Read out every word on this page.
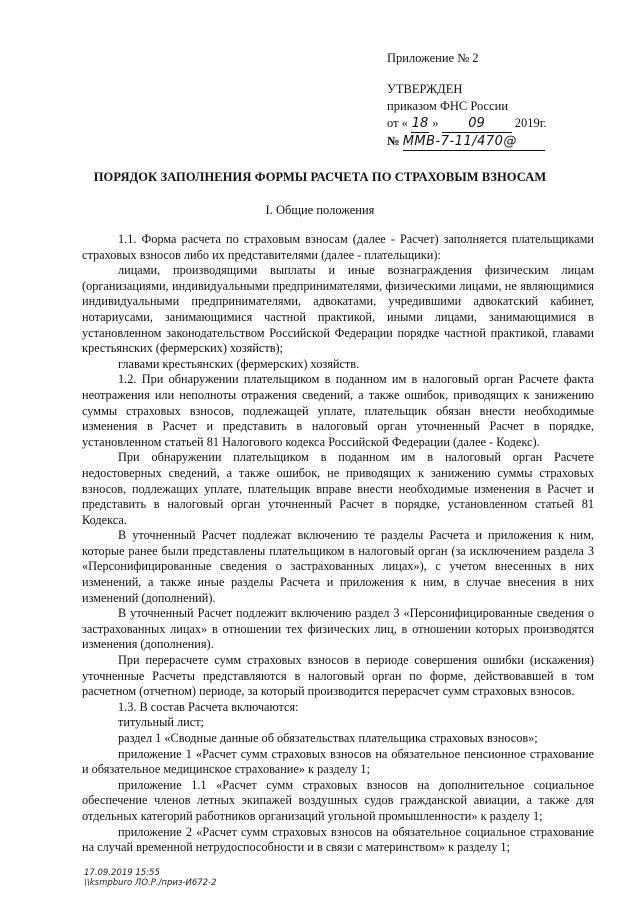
Приложение № 2
УТВЕРЖДЕН
приказом ФНС России
от « 18 » 09 2019г.
№ ММВ-7-11/470@
ПОРЯДОК ЗАПОЛНЕНИЯ ФОРМЫ РАСЧЕТА ПО СТРАХОВЫМ ВЗНОСАМ
I. Общие положения

1.1. Форма расчета по страховым взносам (далее - Расчет) заполняется плательщиками страховых взносов либо их представителями (далее - плательщики):

лицами, производящими выплаты и иные вознаграждения физическим лицам (организациями, индивидуальными предпринимателями, физическими лицами, не являющимися индивидуальными предпринимателями, адвокатами, учредившими адвокатский кабинет, нотариусами, занимающимися частной практикой, иными лицами, занимающимися в установленном законодательством Российской Федерации порядке частной практикой, главами крестьянских (фермерских) хозяйств);

главами крестьянских (фермерских) хозяйств.

1.2. При обнаружении плательщиком в поданном им в налоговый орган Расчете факта неотражения или неполноты отражения сведений, а также ошибок, приводящих к занижению суммы страховых взносов, подлежащей уплате, плательщик обязан внести необходимые изменения в Расчет и представить в налоговый орган уточненный Расчет в порядке, установленном статьей 81 Налогового кодекса Российской Федерации (далее - Кодекс).

При обнаружении плательщиком в поданном им в налоговый орган Расчете недостоверных сведений, а также ошибок, не приводящих к занижению суммы страховых взносов, подлежащих уплате, плательщик вправе внести необходимые изменения в Расчет и представить в налоговый орган уточненный Расчет в порядке, установленном статьей 81 Кодекса.

В уточненный Расчет подлежат включению те разделы Расчета и приложения к ним, которые ранее были представлены плательщиком в налоговый орган (за исключением раздела 3 «Персонифицированные сведения о застрахованных лицах»), с учетом внесенных в них изменений, а также иные разделы Расчета и приложения к ним, в случае внесения в них изменений (дополнений).

В уточненный Расчет подлежит включению раздел 3 «Персонифицированные сведения о застрахованных лицах» в отношении тех физических лиц, в отношении которых производятся изменения (дополнения).

При перерасчете сумм страховых взносов в периоде совершения ошибки (искажения) уточненные Расчеты представляются в налоговый орган по форме, действовавшей в том расчетном (отчетном) периоде, за который производится перерасчет сумм страховых взносов.

1.3. В состав Расчета включаются:

титульный лист;

раздел 1 «Сводные данные об обязательствах плательщика страховых взносов»;

приложение 1 «Расчет сумм страховых взносов на обязательное пенсионное страхование и обязательное медицинское страхование» к разделу 1;

приложение 1.1 «Расчет сумм страховых взносов на дополнительное социальное обеспечение членов летных экипажей воздушных судов гражданской авиации, а также для отдельных категорий работников организаций угольной промышленности» к разделу 1;

приложение 2 «Расчет сумм страховых взносов на обязательное социальное страхование на случай временной нетрудоспособности и в связи с материнством» к разделу 1;

17.09.2019 15:55
\\ksmpburo ЛО.Р./приз-И672-2
